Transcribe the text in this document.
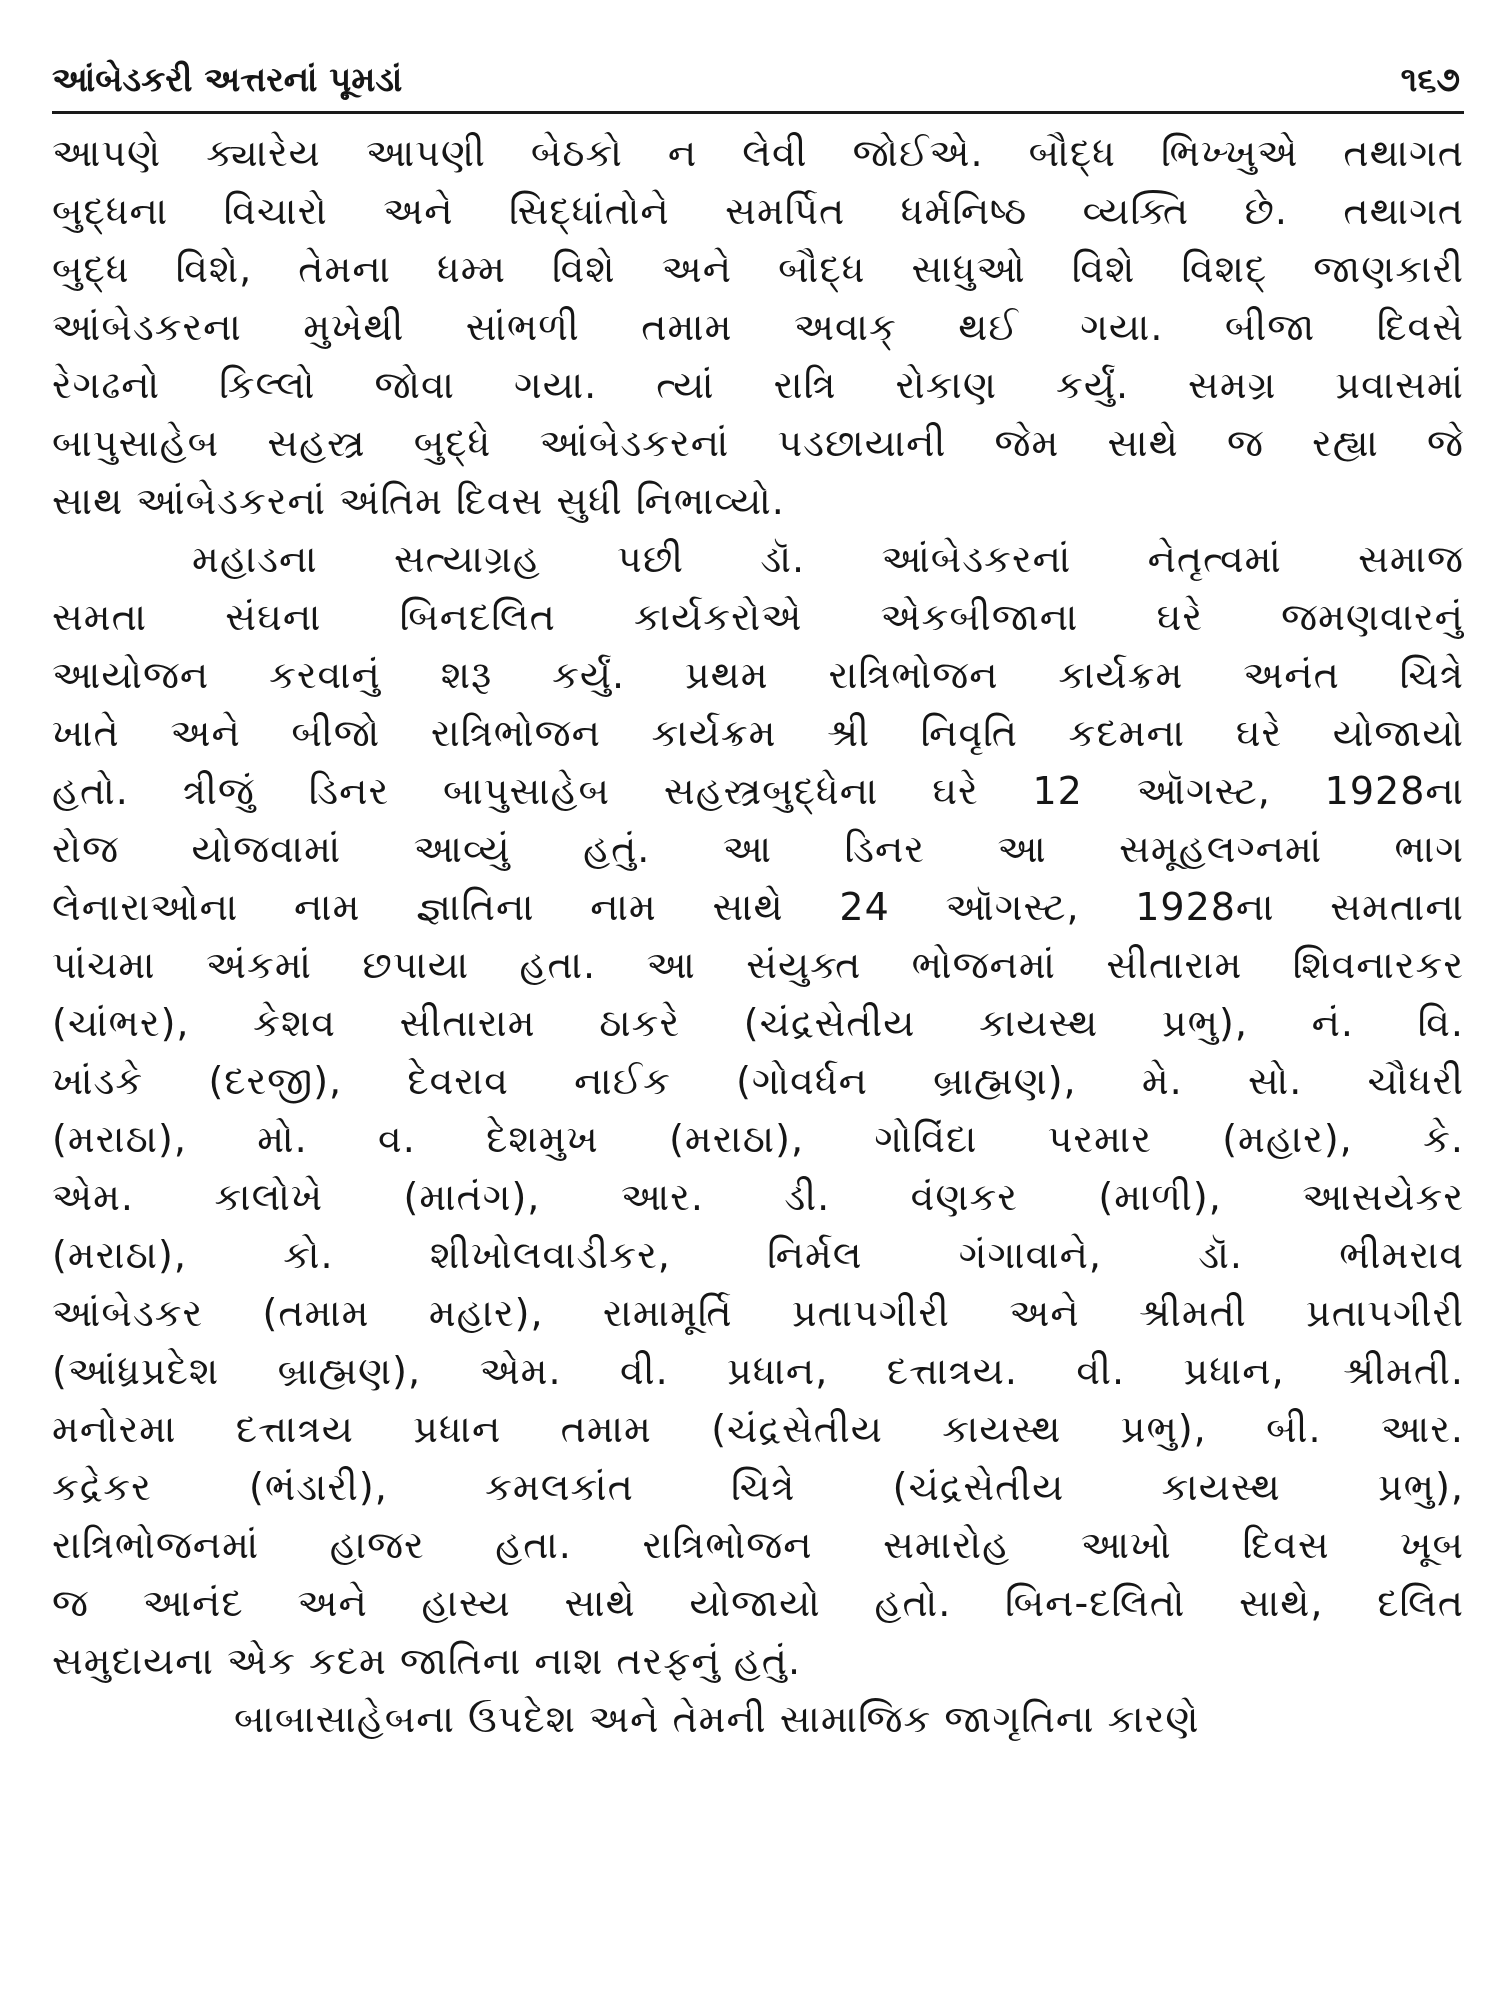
આંબેડકરી અત્તરનાં પૂમડાં	૧૬૭
આપણે ક્યારેય આપણી બેઠકો ન લેવી જોઈએ. બૌદ્ધ ભિખ્ખુએ તથાગત
બુદ્ધના વિચારો અને સિદ્ધાંતોને સમર્પિત ધર્મનિષ્ઠ વ્યક્તિ છે. તથાગત
બુદ્ધ વિશે, તેમના ધમ્મ વિશે અને બૌદ્ધ સાધુઓ વિશે વિશદ્ જાણકારી
આંબેડકરના મુખેથી સાંભળી તમામ અવાક્ થઈ ગયા. બીજા દિવસે
રેગઢનો કિલ્લો જોવા ગયા. ત્યાં રાત્રિ રોકાણ કર્યું. સમગ્ર પ્રવાસમાં
બાપુસાહેબ સહસ્ત્ર બુદ્ધે આંબેડકરનાં પડછાયાની જેમ સાથે જ રહ્યા જે
સાથ આંબેડકરનાં અંતિમ દિવસ સુધી નિભાવ્યો.
મહાડના સત્યાગ્રહ પછી ડૉ. આંબેડકરનાં નેતૃત્વમાં સમાજ
સમતા સંઘના બિનદલિત કાર્યકરોએ એકબીજાના ઘરે જમણવારનું
આયોજન કરવાનું શરૂ કર્યું. પ્રથમ રાત્રિભોજન કાર્યક્રમ અનંત ચિત્રે
ખાતે અને બીજો રાત્રિભોજન કાર્યક્રમ શ્રી નિવૃતિ કદમના ઘરે યોજાયો
હતો. ત્રીજું ડિનર બાપુસાહેબ સહસ્ત્રબુદ્ધેના ઘરે 12 ઑગસ્ટ, 1928ના
રોજ યોજવામાં આવ્યું હતું. આ ડિનર આ સમૂહલગ્નમાં ભાગ
લેનારાઓના નામ જ્ઞાતિના નામ સાથે 24 ઑગસ્ટ, 1928ના સમતાના
પાંચમા અંકમાં છપાયા હતા. આ સંયુક્ત ભોજનમાં સીતારામ શિવનારકર
(ચાંભર), કેશવ સીતારામ ઠાકરે (ચંદ્રસેતીય કાયસ્થ પ્રભુ), નં. વિ.
ખાંડકે (દરજી), દેવરાવ નાઈક (ગોવર્ધન બ્રાહ્મણ), મે. સો. ચૌધરી
(મરાઠા), મો. વ. દેશમુખ (મરાઠા), ગોવિંદા પરમાર (મહાર), કે.
એમ. કાલોખે (માતંગ), આર. ડી. વંણકર (માળી), આસયેકર
(મરાઠા), કો. શીખોલવાડીકર, નિર્મલ ગંગાવાને, ડૉ. ભીમરાવ
આંબેડકર (તમામ મહાર), રામામૂર્તિ પ્રતાપગીરી અને શ્રીમતી પ્રતાપગીરી
(આંધ્રપ્રદેશ બ્રાહ્મણ), એમ. વી. પ્રધાન, દત્તાત્રય. વી. પ્રધાન, શ્રીમતી.
મનોરમા દત્તાત્રય પ્રધાન તમામ (ચંદ્રસેતીય કાયસ્થ પ્રભુ), બી. આર.
કદ્રેકર (ભંડારી), કમલકાંત ચિત્રે (ચંદ્રસેતીય કાયસ્થ પ્રભુ),
રાત્રિભોજનમાં હાજર હતા. રાત્રિભોજન સમારોહ આખો દિવસ ખૂબ
જ આનંદ અને હાસ્ય સાથે યોજાયો હતો. બિન-દલિતો સાથે, દલિત
સમુદાયના એક કદમ જાતિના નાશ તરફનું હતું.
બાબાસાહેબના ઉપદેશ અને તેમની સામાજિક જાગૃતિના કારણે
